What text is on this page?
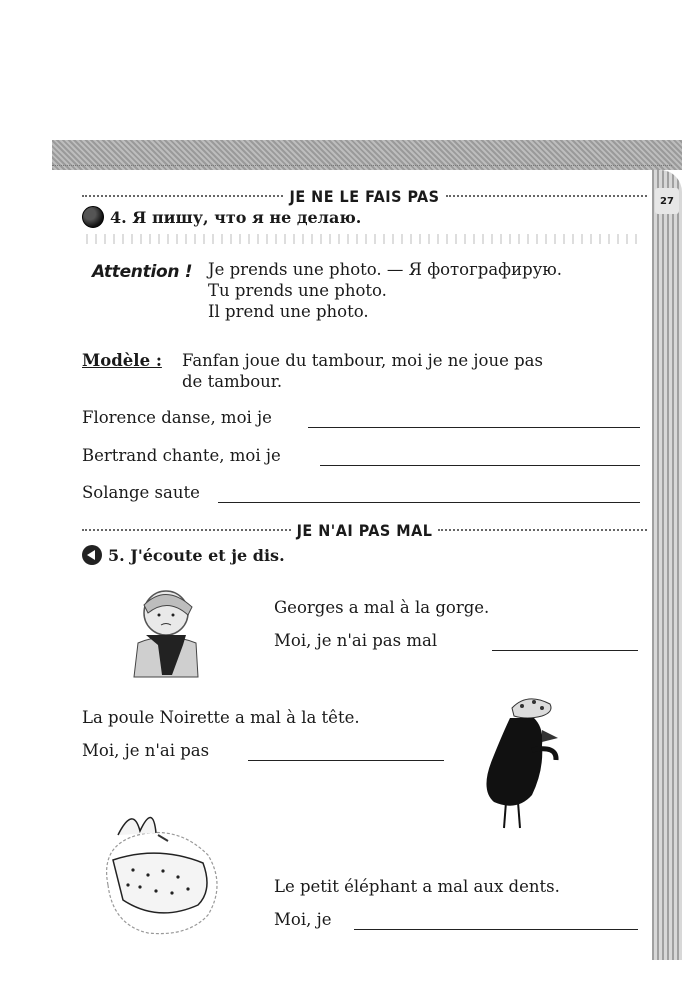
27
JE NE LE FAIS PAS
4. Я пишу, что я не делаю.
Attention ! Je prends une photo. — Я фотографирую.
Tu prends une photo.
Il prend une photo.
Modèle : Fanfan joue du tambour, moi je ne joue pas
de tambour.
Florence danse, moi je
Bertrand chante, moi je
Solange saute
JE N'AI PAS MAL
5. J'écoute et je dis.
Georges a mal à la gorge.
Moi, je n'ai pas mal
La poule Noirette a mal à la tête.
Moi, je n'ai pas
Le petit éléphant a mal aux dents.
Moi, je
